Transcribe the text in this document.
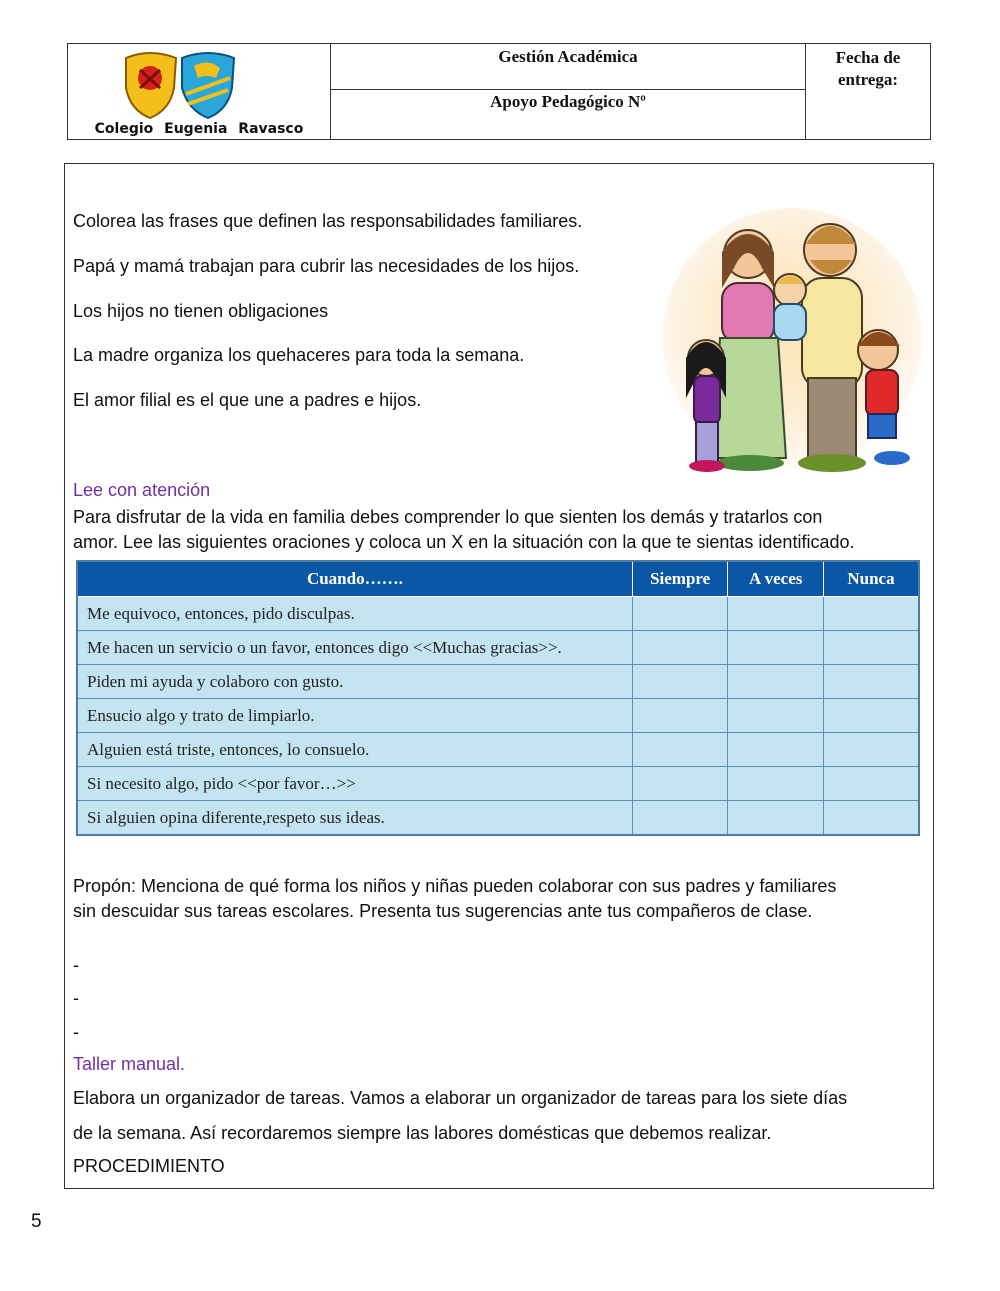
Colegio Eugenia Ravasco
Gestión Académica
Apoyo Pedagógico Nº
Fecha de
entrega:
Colorea las frases que definen las responsabilidades familiares.
Papá y mamá trabajan para cubrir las necesidades de los hijos.
Los hijos no tienen obligaciones
La madre organiza los quehaceres para toda la semana.
El amor filial es el que une a padres e hijos.
Lee con atención
Para disfrutar de la vida en familia debes comprender lo que sienten los demás y tratarlos con
amor. Lee las siguientes oraciones y coloca un X en la situación con la que te sientas identificado.
Cuando…….	Siempre	A veces	Nunca
Me equivoco, entonces, pido disculpas.			
Me hacen un servicio o un favor, entonces digo <<Muchas gracias>>.			
Piden mi ayuda y colaboro con gusto.			
Ensucio algo y trato de limpiarlo.			
Alguien está triste, entonces, lo consuelo.			
Si necesito algo, pido <<por favor…>>			
Si alguien opina diferente,respeto sus ideas.			
Propón: Menciona de qué forma los niños y niñas pueden colaborar con sus padres y familiares
sin descuidar sus tareas escolares. Presenta tus sugerencias ante tus compañeros de clase.
-
-
-
Taller manual.
Elabora un organizador de tareas. Vamos a elaborar un organizador de tareas para los siete días
de la semana. Así recordaremos siempre las labores domésticas que debemos realizar.
PROCEDIMIENTO
5
